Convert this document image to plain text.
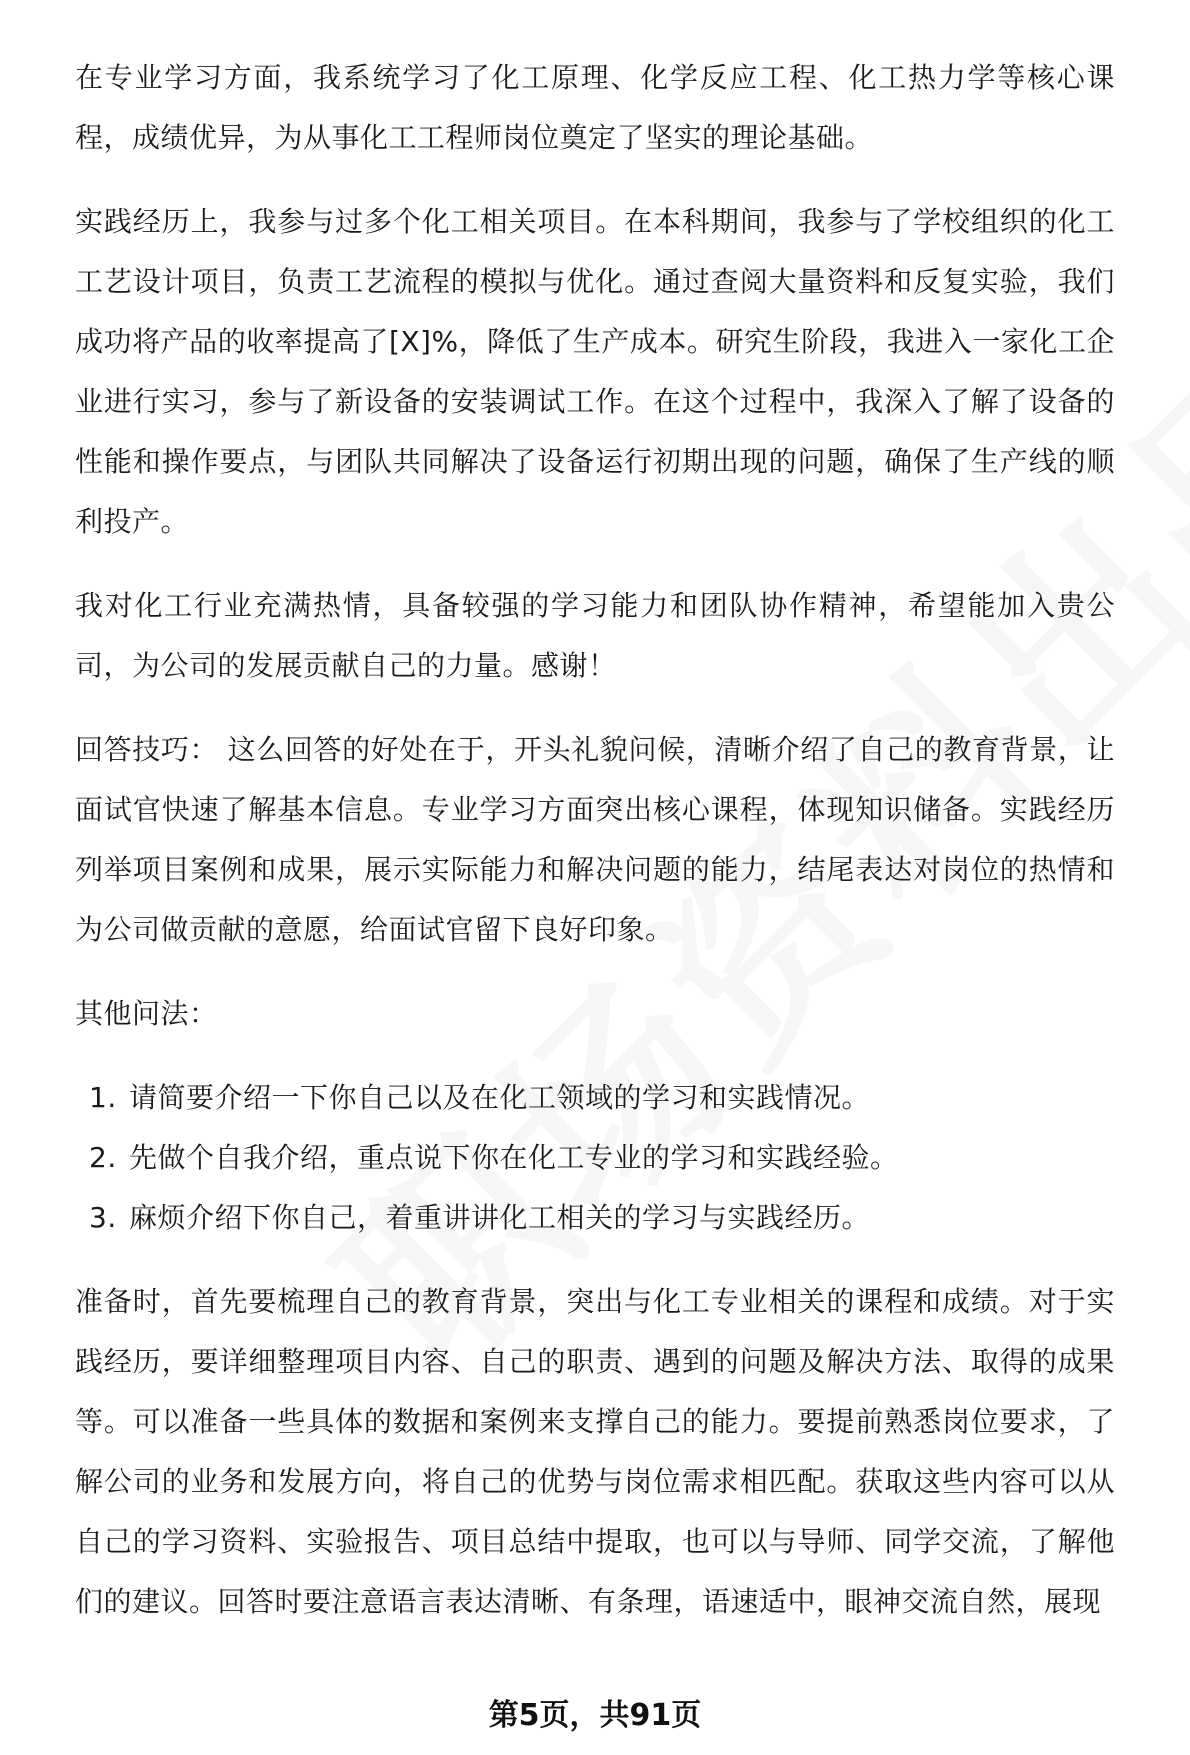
在专业学习方面，我系统学习了化工原理、化学反应工程、化工热力学等核心课程，成绩优异，为从事化工工程师岗位奠定了坚实的理论基础。

实践经历上，我参与过多个化工相关项目。在本科期间，我参与了学校组织的化工工艺设计项目，负责工艺流程的模拟与优化。通过查阅大量资料和反复实验，我们成功将产品的收率提高了[X]%，降低了生产成本。研究生阶段，我进入一家化工企业进行实习，参与了新设备的安装调试工作。在这个过程中，我深入了解了设备的性能和操作要点，与团队共同解决了设备运行初期出现的问题，确保了生产线的顺利投产。

我对化工行业充满热情，具备较强的学习能力和团队协作精神，希望能加入贵公司，为公司的发展贡献自己的力量。感谢！

回答技巧： 这么回答的好处在于，开头礼貌问候，清晰介绍了自己的教育背景，让面试官快速了解基本信息。专业学习方面突出核心课程，体现知识储备。实践经历列举项目案例和成果，展示实际能力和解决问题的能力，结尾表达对岗位的热情和为公司做贡献的意愿，给面试官留下良好印象。

其他问法：

1. 请简要介绍一下你自己以及在化工领域的学习和实践情况。
2. 先做个自我介绍，重点说下你在化工专业的学习和实践经验。
3. 麻烦介绍下你自己，着重讲讲化工相关的学习与实践经历。

准备时，首先要梳理自己的教育背景，突出与化工专业相关的课程和成绩。对于实践经历，要详细整理项目内容、自己的职责、遇到的问题及解决方法、取得的成果等。可以准备一些具体的数据和案例来支撑自己的能力。要提前熟悉岗位要求，了解公司的业务和发展方向，将自己的优势与岗位需求相匹配。获取这些内容可以从自己的学习资料、实验报告、项目总结中提取，也可以与导师、同学交流，了解他们的建议。回答时要注意语言表达清晰、有条理，语速适中，眼神交流自然，展现

第5页，共91页
